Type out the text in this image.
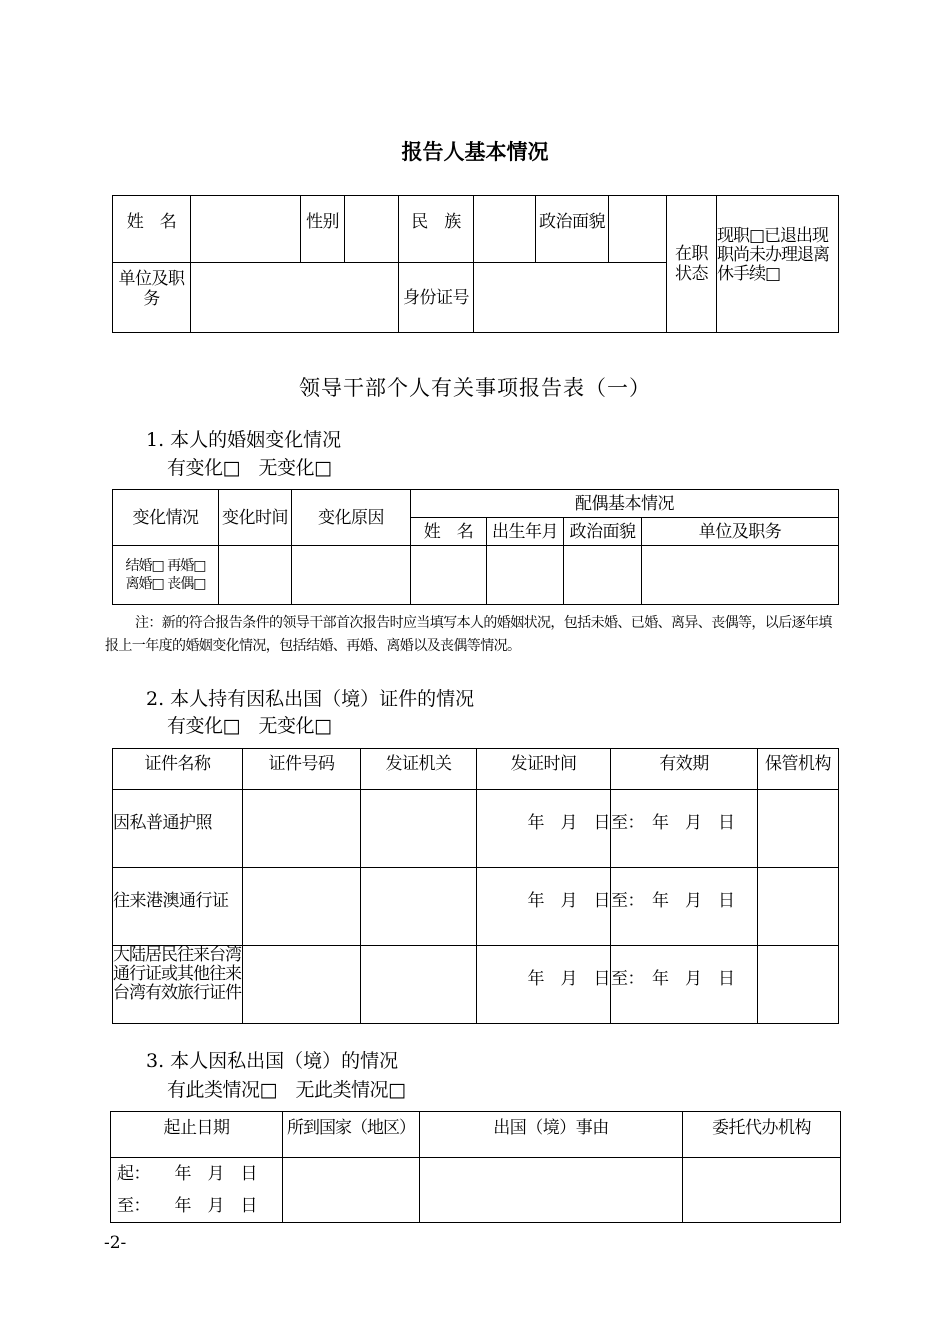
报告人基本情况
姓　名		性别		民　族		政治面貌		在职状态	现职□已退出现职尚未办理退离休手续□
单位及职　务				身份证号					
领导干部个人有关事项报告表（一）
1. 本人的婚姻变化情况
有变化□　无变化□
变化情况	变化时间	变化原因	配偶基本情况			
			姓　名	出生年月	政治面貌	单位及职务

结婚□ 再婚□
离婚□ 丧偶□						

注：新的符合报告条件的领导干部首次报告时应当填写本人的婚姻状况，包括未婚、已婚、离异、丧偶等，以后逐年填报上一年度的婚姻变化情况，包括结婚、再婚、离婚以及丧偶等情况。
2. 本人持有因私出国（境）证件的情况
有变化□　无变化□
证件名称	证件号码	发证机关	发证时间	有效期	保管机构
因私普通护照			年　月　日	至：　年　月　日	
往来港澳通行证			年　月　日	至：　年　月　日	
大陆居民往来台湾通行证或其他往来台湾有效旅行证件			年　月　日	至：　年　月　日	
3. 本人因私出国（境）的情况
有此类情况□　无此类情况□
起止日期	所到国家（地区）	出国（境）事由	委托代办机构

起：　　年　月　日
至：　　年　月　日			

-2-
